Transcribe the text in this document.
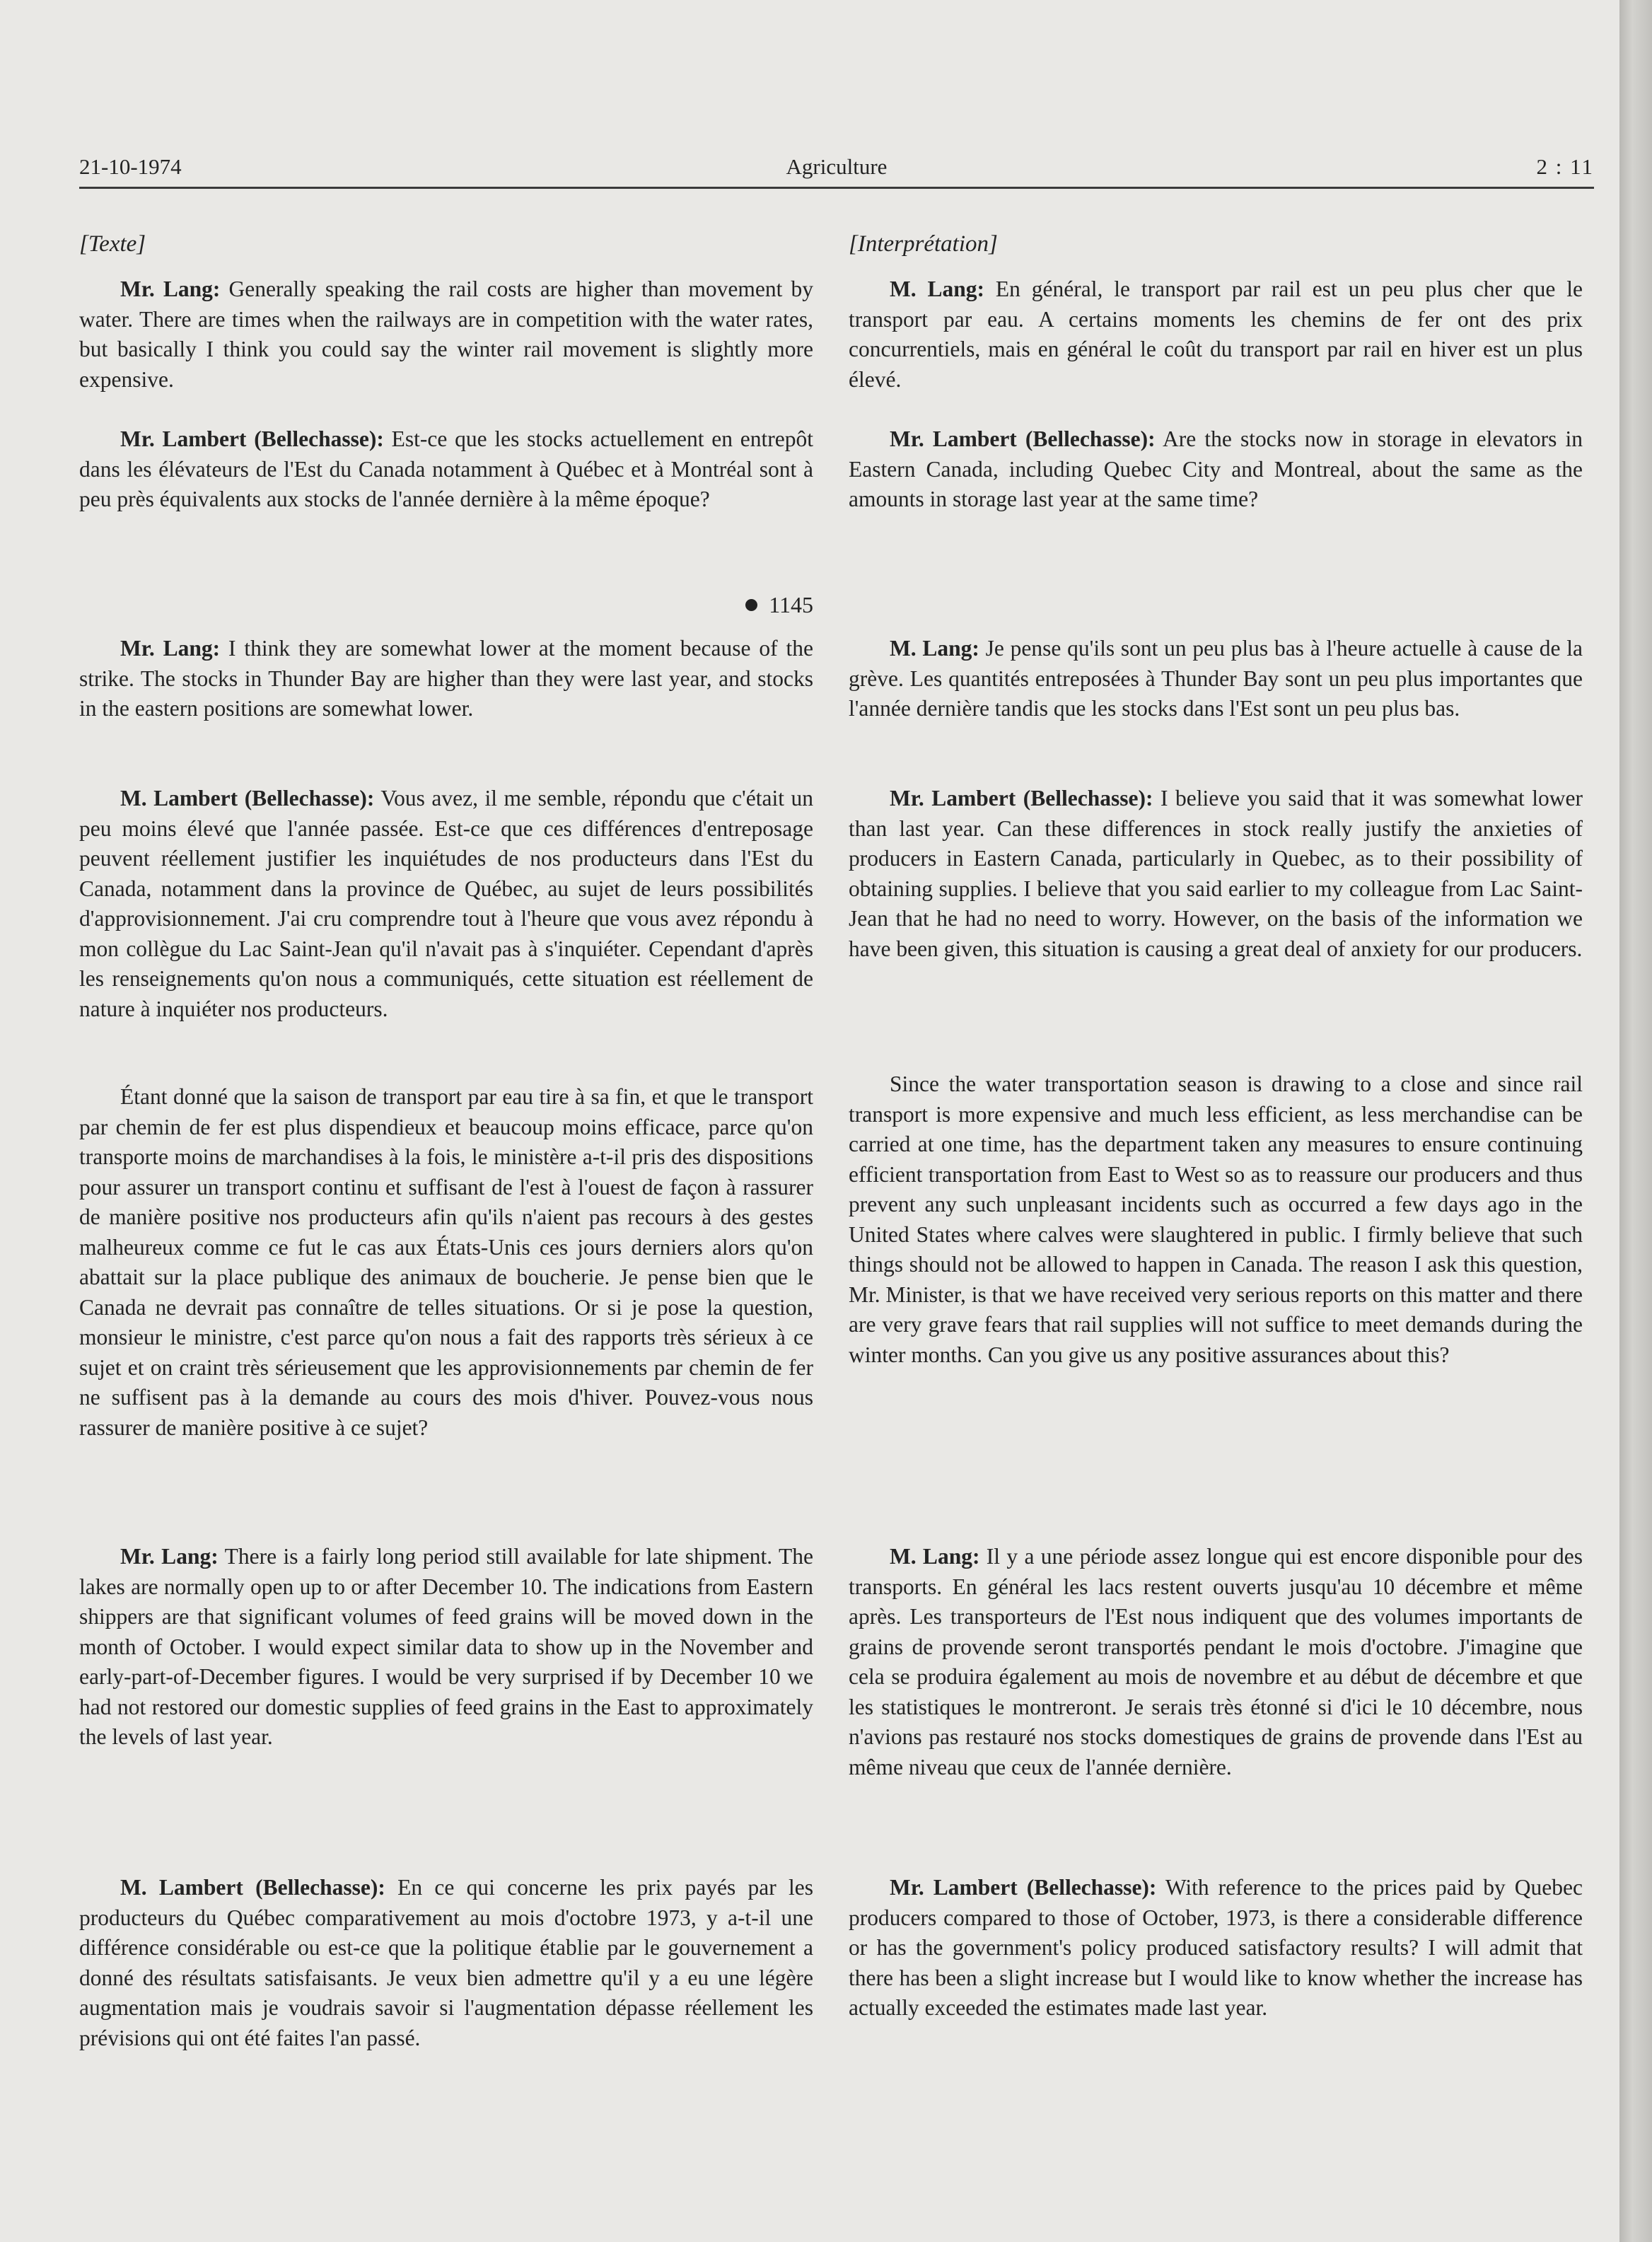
21-10-1974	Agriculture	2 : 11
[Texte]

Mr. Lang: Generally speaking the rail costs are higher than movement by water. There are times when the railways are in competition with the water rates, but basically I think you could say the winter rail movement is slightly more expensive.

Mr. Lambert (Bellechasse): Est-ce que les stocks actuellement en entrepôt dans les élévateurs de l'Est du Canada notamment à Québec et à Montréal sont à peu près équivalents aux stocks de l'année dernière à la même époque?

1145

Mr. Lang: I think they are somewhat lower at the moment because of the strike. The stocks in Thunder Bay are higher than they were last year, and stocks in the eastern positions are somewhat lower.

M. Lambert (Bellechasse): Vous avez, il me semble, répondu que c'était un peu moins élevé que l'année passée. Est-ce que ces différences d'entreposage peuvent réellement justifier les inquiétudes de nos producteurs dans l'Est du Canada, notamment dans la province de Québec, au sujet de leurs possibilités d'approvisionnement. J'ai cru comprendre tout à l'heure que vous avez répondu à mon collègue du Lac Saint-Jean qu'il n'avait pas à s'inquiéter. Cependant d'après les renseignements qu'on nous a communiqués, cette situation est réellement de nature à inquiéter nos producteurs.

Étant donné que la saison de transport par eau tire à sa fin, et que le transport par chemin de fer est plus dispendieux et beaucoup moins efficace, parce qu'on transporte moins de marchandises à la fois, le ministère a-t-il pris des dispositions pour assurer un transport continu et suffisant de l'est à l'ouest de façon à rassurer de manière positive nos producteurs afin qu'ils n'aient pas recours à des gestes malheureux comme ce fut le cas aux États-Unis ces jours derniers alors qu'on abattait sur la place publique des animaux de boucherie. Je pense bien que le Canada ne devrait pas connaître de telles situations. Or si je pose la question, monsieur le ministre, c'est parce qu'on nous a fait des rapports très sérieux à ce sujet et on craint très sérieusement que les approvisionnements par chemin de fer ne suffisent pas à la demande au cours des mois d'hiver. Pouvez-vous nous rassurer de manière positive à ce sujet?

Mr. Lang: There is a fairly long period still available for late shipment. The lakes are normally open up to or after December 10. The indications from Eastern shippers are that significant volumes of feed grains will be moved down in the month of October. I would expect similar data to show up in the November and early-part-of-December figures. I would be very surprised if by December 10 we had not restored our domestic supplies of feed grains in the East to approximately the levels of last year.

M. Lambert (Bellechasse): En ce qui concerne les prix payés par les producteurs du Québec comparativement au mois d'octobre 1973, y a-t-il une différence considérable ou est-ce que la politique établie par le gouvernement a donné des résultats satisfaisants. Je veux bien admettre qu'il y a eu une légère augmentation mais je voudrais savoir si l'augmentation dépasse réellement les prévisions qui ont été faites l'an passé.

[Interprétation]

M. Lang: En général, le transport par rail est un peu plus cher que le transport par eau. A certains moments les chemins de fer ont des prix concurrentiels, mais en général le coût du transport par rail en hiver est un plus élevé.

Mr. Lambert (Bellechasse): Are the stocks now in storage in elevators in Eastern Canada, including Quebec City and Montreal, about the same as the amounts in storage last year at the same time?

M. Lang: Je pense qu'ils sont un peu plus bas à l'heure actuelle à cause de la grève. Les quantités entreposées à Thunder Bay sont un peu plus importantes que l'année dernière tandis que les stocks dans l'Est sont un peu plus bas.

Mr. Lambert (Bellechasse): I believe you said that it was somewhat lower than last year. Can these differences in stock really justify the anxieties of producers in Eastern Canada, particularly in Quebec, as to their possibility of obtaining supplies. I believe that you said earlier to my colleague from Lac Saint-Jean that he had no need to worry. However, on the basis of the information we have been given, this situation is causing a great deal of anxiety for our producers.

Since the water transportation season is drawing to a close and since rail transport is more expensive and much less efficient, as less merchandise can be carried at one time, has the department taken any measures to ensure continuing efficient transportation from East to West so as to reassure our producers and thus prevent any such unpleasant incidents such as occurred a few days ago in the United States where calves were slaughtered in public. I firmly believe that such things should not be allowed to happen in Canada. The reason I ask this question, Mr. Minister, is that we have received very serious reports on this matter and there are very grave fears that rail supplies will not suffice to meet demands during the winter months. Can you give us any positive assurances about this?

M. Lang: Il y a une période assez longue qui est encore disponible pour des transports. En général les lacs restent ouverts jusqu'au 10 décembre et même après. Les transporteurs de l'Est nous indiquent que des volumes importants de grains de provende seront transportés pendant le mois d'octobre. J'imagine que cela se produira également au mois de novembre et au début de décembre et que les statistiques le montreront. Je serais très étonné si d'ici le 10 décembre, nous n'avions pas restauré nos stocks domestiques de grains de provende dans l'Est au même niveau que ceux de l'année dernière.

Mr. Lambert (Bellechasse): With reference to the prices paid by Quebec producers compared to those of October, 1973, is there a considerable difference or has the government's policy produced satisfactory results? I will admit that there has been a slight increase but I would like to know whether the increase has actually exceeded the estimates made last year.
